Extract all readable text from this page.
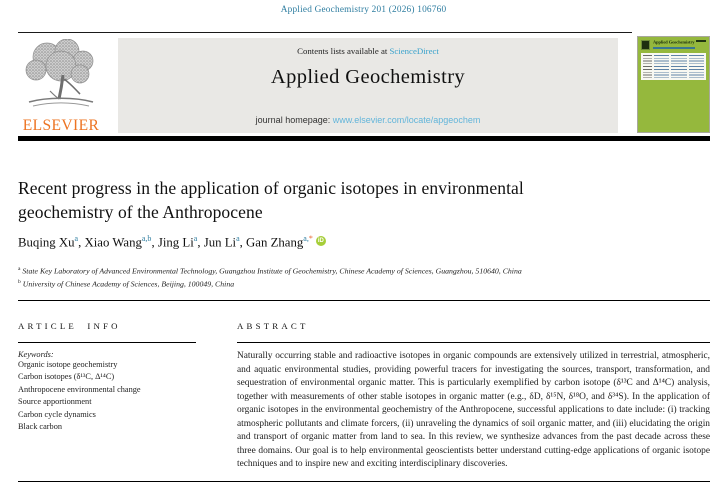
Applied Geochemistry 201 (2026) 106760
ELSEVIER
Contents lists available at ScienceDirect
Applied Geochemistry
journal homepage: www.elsevier.com/locate/apgeochem
Applied Geochemistry
Recent progress in the application of organic isotopes in environmental geochemistry of the Anthropocene
Buqing Xu$^a$, Xiao Wang$^{a,b}$, Jing Li$^a$, Jun Li$^a$, Gan Zhang$^{a,*}$ iD
$^a$ State Key Laboratory of Advanced Environmental Technology, Guangzhou Institute of Geochemistry, Chinese Academy of Sciences, Guangzhou, 510640, China
$^b$ University of Chinese Academy of Sciences, Beijing, 100049, China
ARTICLE INFO
Keywords:
Organic isotope geochemistry
Carbon isotopes (δ¹³C, Δ¹⁴C)
Anthropocene environmental change
Source apportionment
Carbon cycle dynamics
Black carbon
ABSTRACT

Naturally occurring stable and radioactive isotopes in organic compounds are extensively utilized in terrestrial, atmospheric, and aquatic environmental studies, providing powerful tracers for investigating the sources, transport, transformation, and sequestration of environmental organic matter. This is particularly exemplified by carbon isotope (δ¹³C and Δ¹⁴C) analysis, together with measurements of other stable isotopes in organic matter (e.g., δD, δ¹⁵N, δ¹⁸O, and δ³⁴S). In the application of organic isotopes in the environmental geochemistry of the Anthropocene, successful applications to date include: (i) tracking atmospheric pollutants and climate forcers, (ii) unraveling the dynamics of soil organic matter, and (iii) elucidating the origin and transport of organic matter from land to sea. In this review, we synthesize advances from the past decade across these three domains. Our goal is to help environmental geoscientists better understand cutting-edge applications of organic isotope techniques and to inspire new and exciting interdisciplinary discoveries.
